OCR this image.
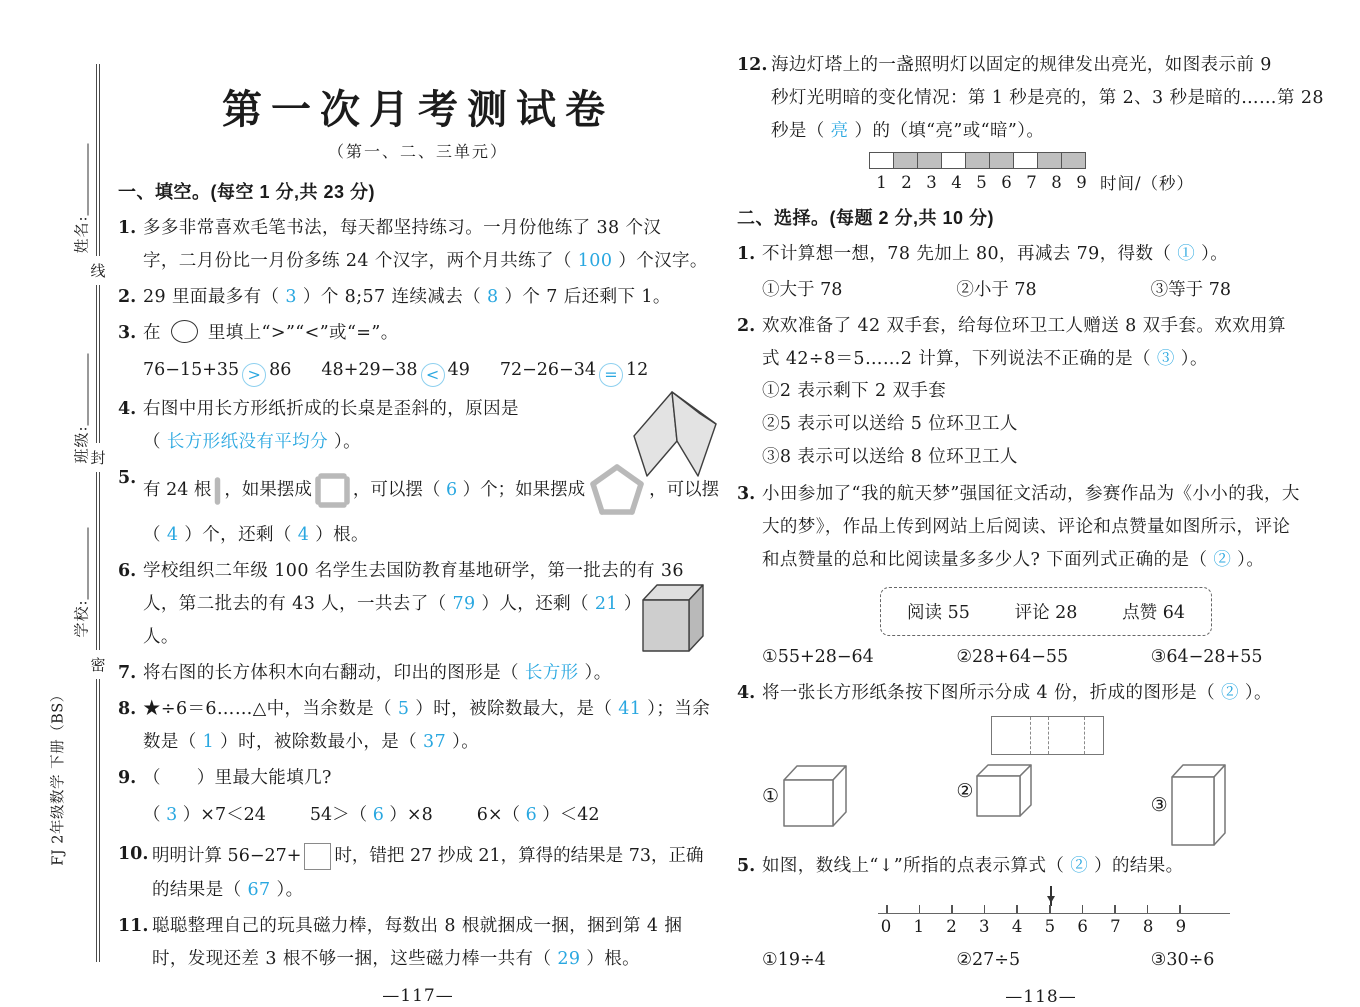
线
封
密
姓名:
班级:
学校:
FJ 2年级数学 下册（BS）
第一次月考测试卷
（第一、二、三单元）
一、填空。(每空 1 分,共 23 分)
1. 多多非常喜欢毛笔书法，每天都坚持练习。一月份他练了 38 个汉
字，二月份比一月份多练 24 个汉字，两个月共练了（ 100 ）个汉字。
2. 29 里面最多有（ 3 ）个 8;57 连续减去（ 8 ）个 7 后还剩下 1。
3. 在  里填上“>”“<”或“=”。
76−15+35 > 86 48+29−38 < 49 72−26−34 = 12
4. 右图中用长方形纸折成的长桌是歪斜的，原因是
（ 长方形纸没有平均分 ）。
5.
有 24 根 ，如果摆成 ，可以摆（ 6 ）个；如果摆成	，可以摆
（ 4 ）个，还剩（ 4 ）根。
6. 学校组织二年级 100 名学生去国防教育基地研学，第一批去的有 36
人，第二批去的有 43 人，一共去了（ 79 ）人，还剩（ 21 ）人。
7. 将右图的长方体积木向右翻动，印出的图形是（ 长方形 ）。
8. ★÷6＝6……△中，当余数是（ 5 ）时，被除数最大，是（ 41 ）；当余
数是（ 1 ）时，被除数最小，是（ 37 ）。
9. （　　）里最大能填几?
（ 3 ）×7＜24	54＞（ 6 ）×8	6×（ 6 ）＜42
10. 明明计算 56−27+ 时，错把 27 抄成 21，算得的结果是 73，正确
的结果是（ 67 ）。
11. 聪聪整理自己的玩具磁力棒，每数出 8 根就捆成一捆，捆到第 4 捆
时，发现还差 3 根不够一捆，这些磁力棒一共有（ 29 ）根。
—117—
12. 海边灯塔上的一盏照明灯以固定的规律发出亮光，如图表示前 9
秒灯光明暗的变化情况：第 1 秒是亮的，第 2、3 秒是暗的……第 28
秒是（ 亮 ）的（填“亮”或“暗”）。
1 2 3 4 5 6 7 8 9 时间/（秒）
二、选择。(每题 2 分,共 10 分)
1. 不计算想一想，78 先加上 80，再减去 79，得数（ ① ）。
①大于 78	②小于 78	③等于 78
2. 欢欢准备了 42 双手套，给每位环卫工人赠送 8 双手套。欢欢用算
式 42÷8＝5……2 计算，下列说法不正确的是（ ③ ）。
①2 表示剩下 2 双手套
②5 表示可以送给 5 位环卫工人
③8 表示可以送给 8 位环卫工人
3. 小田参加了“我的航天梦”强国征文活动，参赛作品为《小小的我，大
大的梦》，作品上传到网站上后阅读、评论和点赞量如图所示，评论
和点赞量的总和比阅读量多多少人? 下面列式正确的是（ ② ）。
阅读 55	评论 28	点赞 64
①55+28−64	②28+64−55	③64−28+55
4. 将一张长方形纸条按下图所示分成 4 份，折成的图形是（ ② ）。
①	②
③
5. 如图，数线上“↓”所指的点表示算式（ ② ）的结果。
0 1 2 3 4 5 6 7 8 9
①19÷4	②27÷5	③30÷6
—118—
